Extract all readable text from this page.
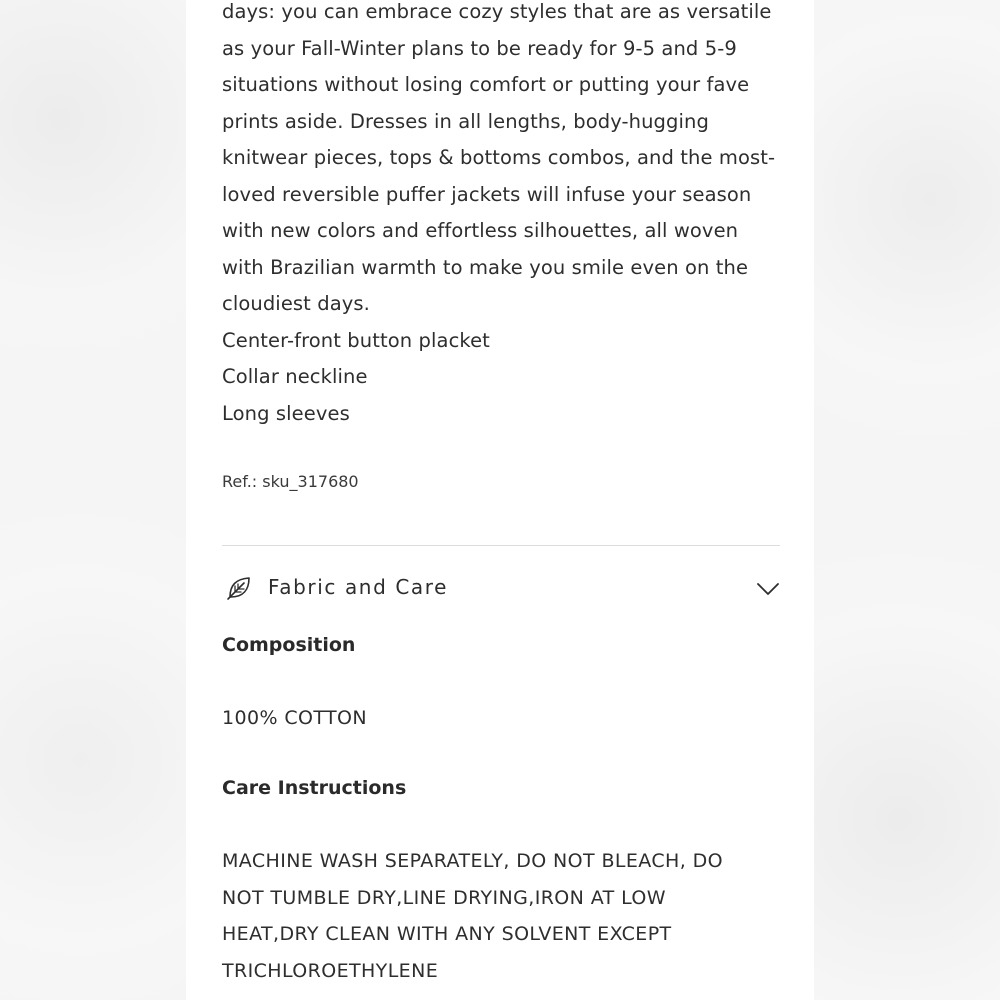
days: you can embrace cozy styles that are as versatile
as your Fall-Winter plans to be ready for 9-5 and 5-9
situations without losing comfort or putting your fave
prints aside. Dresses in all lengths, body-hugging
knitwear pieces, tops & bottoms combos, and the most-
loved reversible puffer jackets will infuse your season
with new colors and effortless silhouettes, all woven
with Brazilian warmth to make you smile even on the
cloudiest days.
Center-front button placket
Collar neckline
Long sleeves
Ref.: sku_317680
Fabric and Care
Composition
100% COTTON
Care Instructions
MACHINE WASH SEPARATELY, DO NOT BLEACH, DO
NOT TUMBLE DRY,LINE DRYING,IRON AT LOW
HEAT,DRY CLEAN WITH ANY SOLVENT EXCEPT
TRICHLOROETHYLENE
